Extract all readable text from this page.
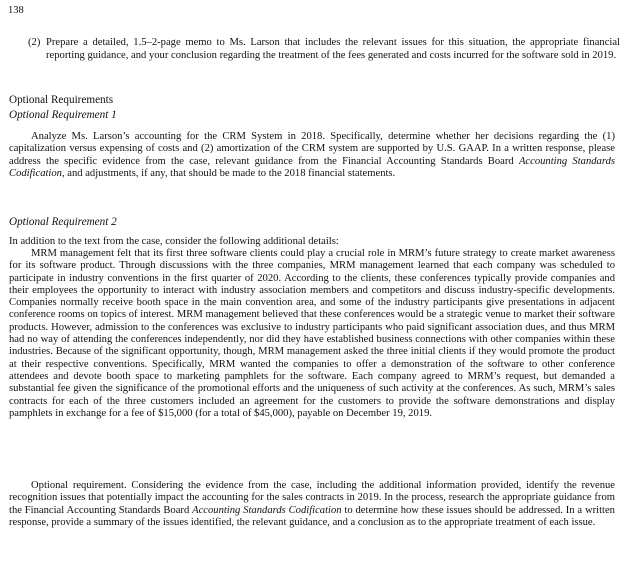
138
(2) Prepare a detailed, 1.5–2-page memo to Ms. Larson that includes the relevant issues for this situation, the appropriate financial reporting guidance, and your conclusion regarding the treatment of the fees generated and costs incurred for the software sold in 2019.
Optional Requirements
Optional Requirement 1

Analyze Ms. Larson’s accounting for the CRM System in 2018. Specifically, determine whether her decisions regarding the (1) capitalization versus expensing of costs and (2) amortization of the CRM system are supported by U.S. GAAP. In a written response, please address the specific evidence from the case, relevant guidance from the Financial Accounting Standards Board Accounting Standards Codification, and adjustments, if any, that should be made to the 2018 financial statements.

Optional Requirement 2

In addition to the text from the case, consider the following additional details:

MRM management felt that its first three software clients could play a crucial role in MRM’s future strategy to create market awareness for its software product. Through discussions with the three companies, MRM management learned that each company was scheduled to participate in industry conventions in the first quarter of 2020. According to the clients, these conferences typically provide companies and their employees the opportunity to interact with industry association members and competitors and discuss industry-specific developments. Companies normally receive booth space in the main convention area, and some of the industry participants give presentations in adjacent conference rooms on topics of interest. MRM management believed that these conferences would be a strategic venue to market their software products. However, admission to the conferences was exclusive to industry participants who paid significant association dues, and thus MRM had no way of attending the conferences independently, nor did they have established business connections with other companies within these industries. Because of the significant opportunity, though, MRM management asked the three initial clients if they would promote the product at their respective conventions. Specifically, MRM wanted the companies to offer a demonstration of the software to other conference attendees and devote booth space to marketing pamphlets for the software. Each company agreed to MRM’s request, but demanded a substantial fee given the significance of the promotional efforts and the uniqueness of such activity at the conferences. As such, MRM’s sales contracts for each of the three customers included an agreement for the customers to provide the software demonstrations and display pamphlets in exchange for a fee of $15,000 (for a total of $45,000), payable on December 19, 2019.

Optional requirement. Considering the evidence from the case, including the additional information provided, identify the revenue recognition issues that potentially impact the accounting for the sales contracts in 2019. In the process, research the appropriate guidance from the Financial Accounting Standards Board Accounting Standards Codification to determine how these issues should be addressed. In a written response, provide a summary of the issues identified, the relevant guidance, and a conclusion as to the appropriate treatment of each issue.
